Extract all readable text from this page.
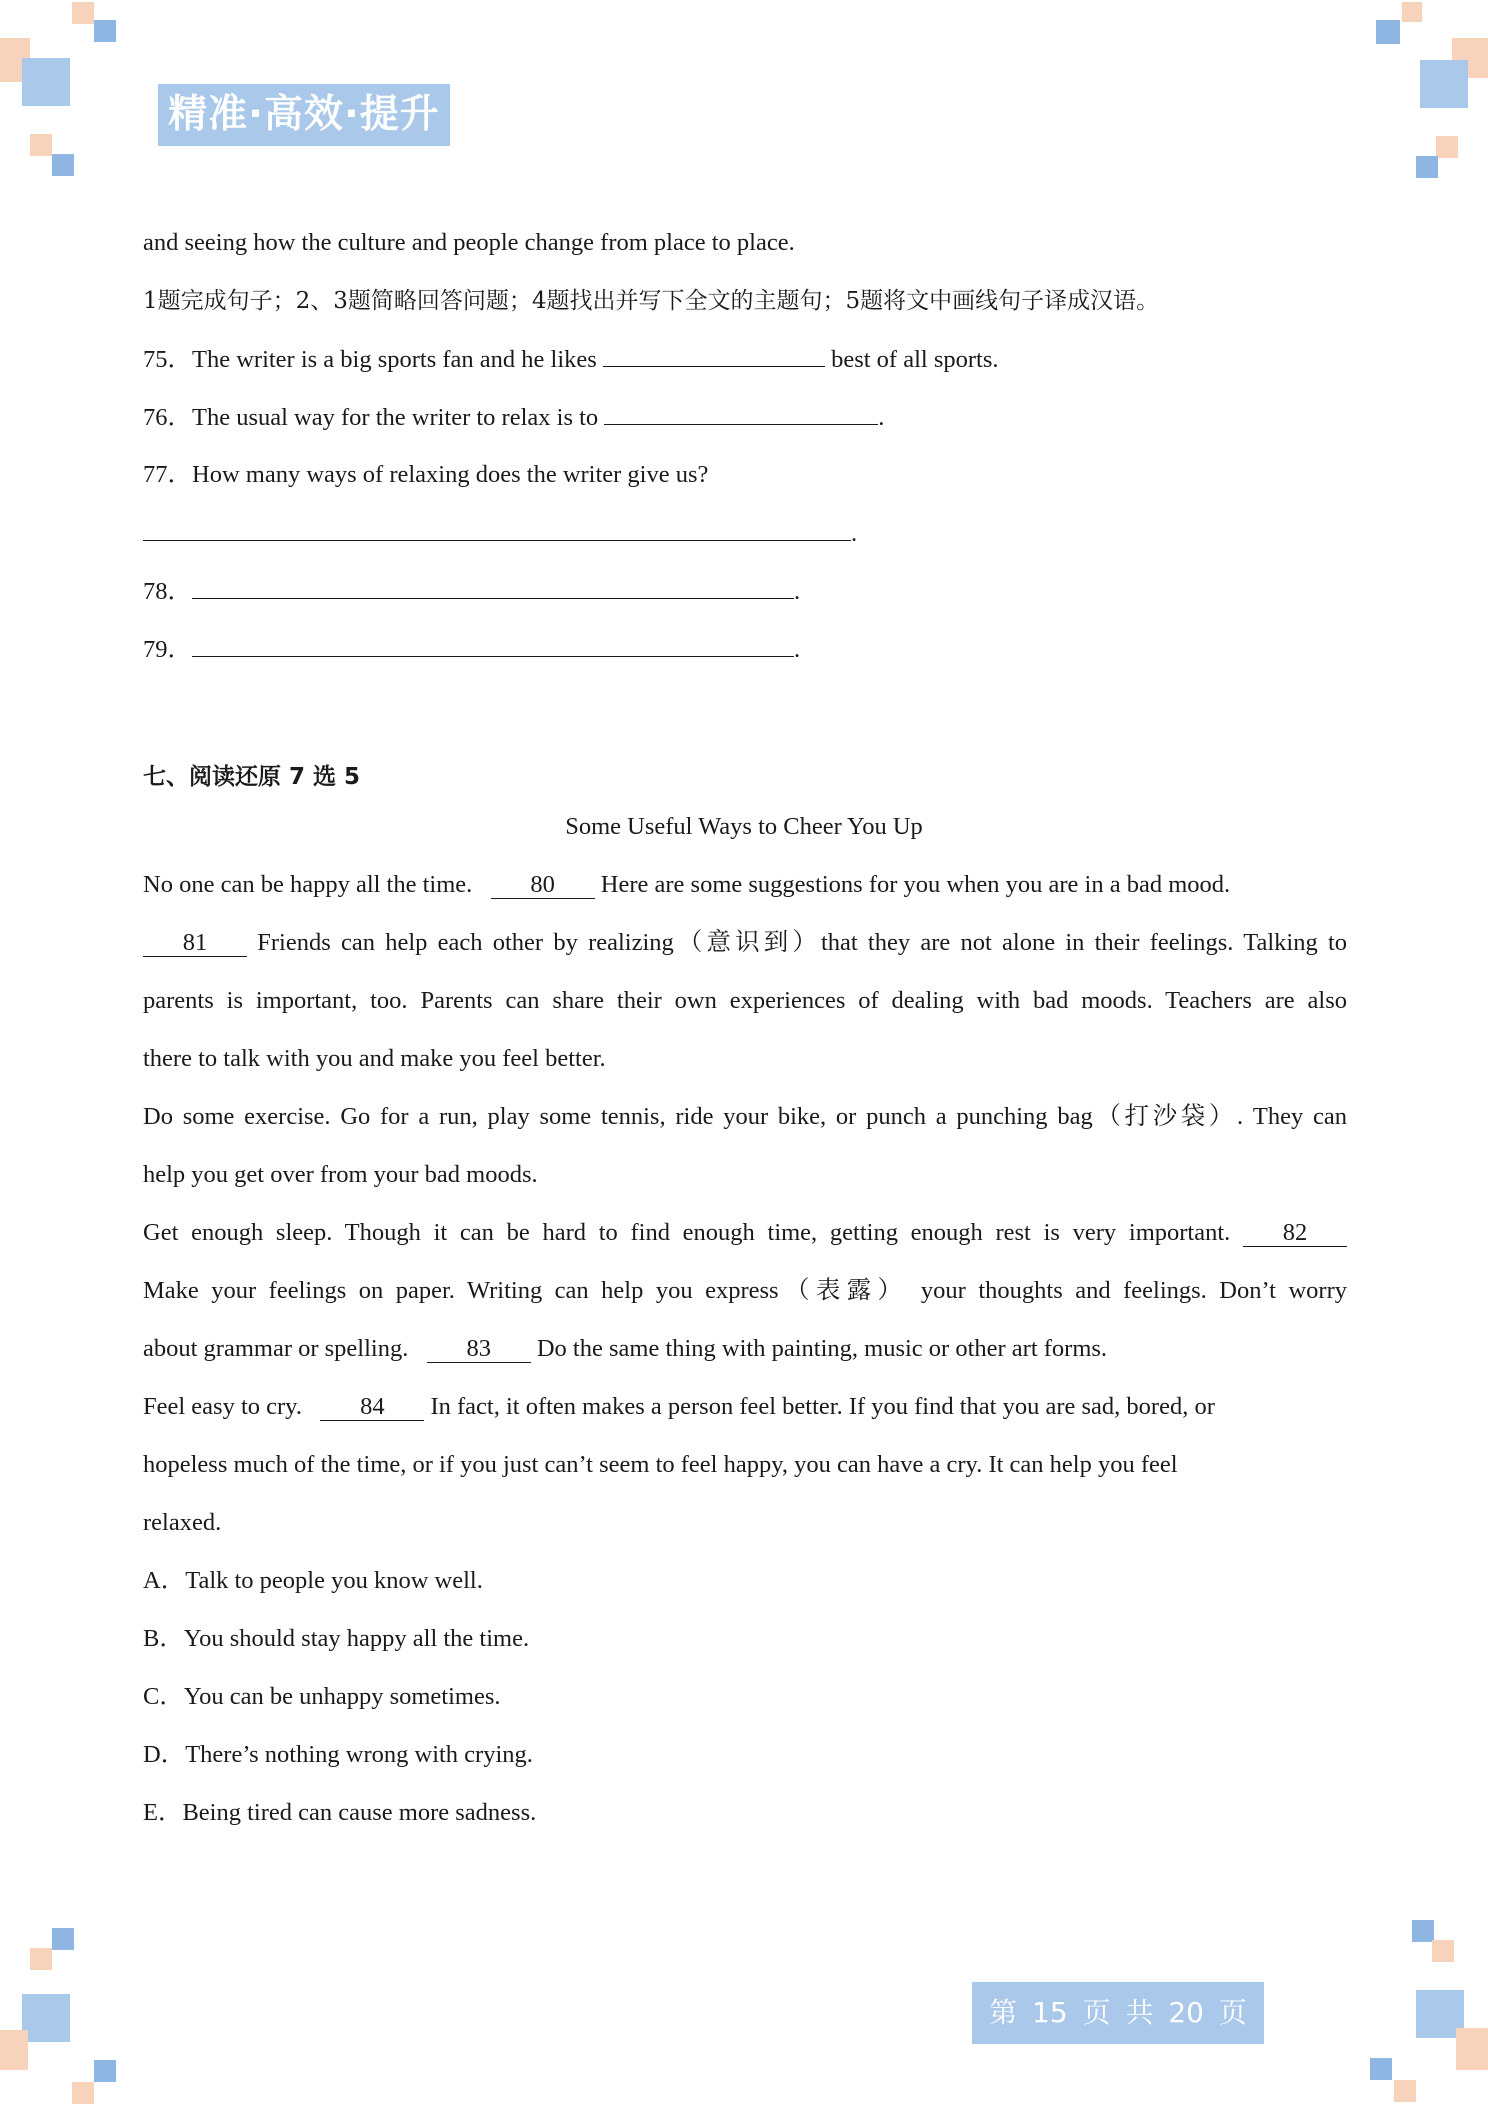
精准·高效·提升
and seeing how the culture and people change from place to place.
1题完成句子；2、3题简略回答问题；4题找出并写下全文的主题句；5题将文中画线句子译成汉语。
75．The writer is a big sports fan and he likes	best of all sports.
76．The usual way for the writer to relax is to	.
77．How many ways of relaxing does the writer give us?
.
78．	.
79．	.
七、阅读还原 7 选 5
Some Useful Ways to Cheer You Up
No one can be happy all the time. 80 Here are some suggestions for you when you are in a bad mood.
81 Friends can help each other by realizing（意识到）that they are not alone in their feelings. Talking to
parents is important, too. Parents can share their own experiences of dealing with bad moods. Teachers are also
there to talk with you and make you feel better.
Do some exercise. Go for a run, play some tennis, ride your bike, or punch a punching bag（打沙袋）. They can
help you get over from your bad moods.
Get enough sleep. Though it can be hard to find enough time, getting enough rest is very important. 82
Make your feelings on paper. Writing can help you express（表露） your thoughts and feelings. Don’t worry
about grammar or spelling. 83 Do the same thing with painting, music or other art forms.
Feel easy to cry. 84 In fact, it often makes a person feel better. If you find that you are sad, bored, or
hopeless much of the time, or if you just can’t seem to feel happy, you can have a cry. It can help you feel
relaxed.
A．Talk to people you know well.
B．You should stay happy all the time.
C．You can be unhappy sometimes.
D．There’s nothing wrong with crying.
E．Being tired can cause more sadness.
第 15 页 共 20 页
